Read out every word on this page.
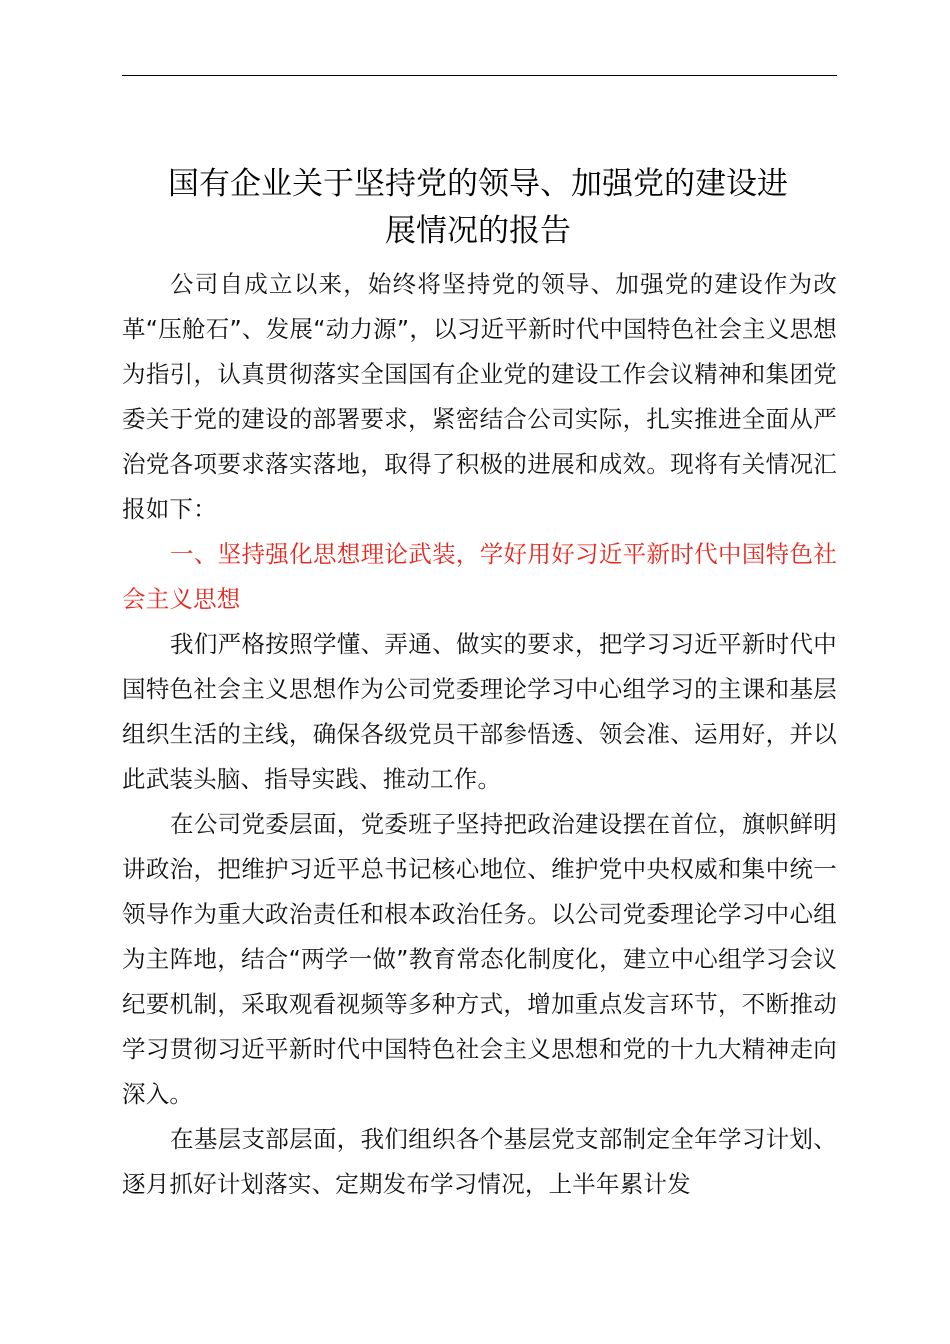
国有企业关于坚持党的领导、加强党的建设进
展情况的报告

公司自成立以来，始终将坚持党的领导、加强党的建设作为改革“压舱石”、发展“动力源”，以习近平新时代中国特色社会主义思想为指引，认真贯彻落实全国国有企业党的建设工作会议精神和集团党委关于党的建设的部署要求，紧密结合公司实际，扎实推进全面从严治党各项要求落实落地，取得了积极的进展和成效。现将有关情况汇报如下：

一、坚持强化思想理论武装，学好用好习近平新时代中国特色社会主义思想

我们严格按照学懂、弄通、做实的要求，把学习习近平新时代中国特色社会主义思想作为公司党委理论学习中心组学习的主课和基层组织生活的主线，确保各级党员干部参悟透、领会准、运用好，并以此武装头脑、指导实践、推动工作。

在公司党委层面，党委班子坚持把政治建设摆在首位，旗帜鲜明讲政治，把维护习近平总书记核心地位、维护党中央权威和集中统一领导作为重大政治责任和根本政治任务。以公司党委理论学习中心组为主阵地，结合“两学一做”教育常态化制度化，建立中心组学习会议纪要机制，采取观看视频等多种方式，增加重点发言环节，不断推动学习贯彻习近平新时代中国特色社会主义思想和党的十九大精神走向深入。

在基层支部层面，我们组织各个基层党支部制定全年学习计划、逐月抓好计划落实、定期发布学习情况，上半年累计发
